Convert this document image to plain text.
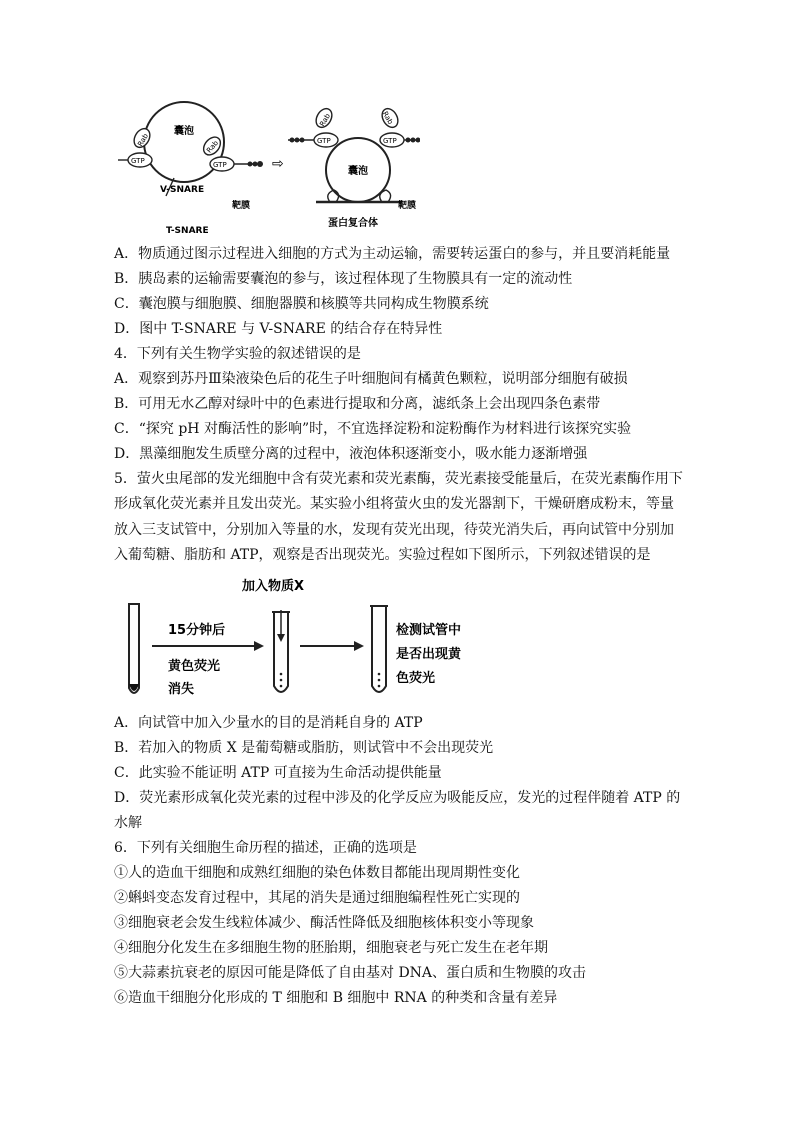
囊泡
Rab
GTP
Rab
GTP
V-SNARE
靶膜
T-SNARE
⇨	囊泡
Rab
GTP
Rab
GTP
靶膜
蛋白复合体
A．物质通过图示过程进入细胞的方式为主动运输，需要转运蛋白的参与，并且要消耗能量
B．胰岛素的运输需要囊泡的参与，该过程体现了生物膜具有一定的流动性
C．囊泡膜与细胞膜、细胞器膜和核膜等共同构成生物膜系统
D．图中 T-SNARE 与 V-SNARE 的结合存在特异性
4．下列有关生物学实验的叙述错误的是
A．观察到苏丹Ⅲ染液染色后的花生子叶细胞间有橘黄色颗粒，说明部分细胞有破损
B．可用无水乙醇对绿叶中的色素进行提取和分离，滤纸条上会出现四条色素带
C．“探究 pH 对酶活性的影响”时，不宜选择淀粉和淀粉酶作为材料进行该探究实验
D．黑藻细胞发生质壁分离的过程中，液泡体积逐渐变小，吸水能力逐渐增强
5．萤火虫尾部的发光细胞中含有荧光素和荧光素酶，荧光素接受能量后，在荧光素酶作用下
形成氧化荧光素并且发出荧光。某实验小组将萤火虫的发光器割下，干燥研磨成粉末，等量
放入三支试管中，分别加入等量的水，发现有荧光出现，待荧光消失后，再向试管中分别加
入葡萄糖、脂肪和 ATP，观察是否出现荧光。实验过程如下图所示，下列叙述错误的是
15分钟后
黄色荧光
消失
加入物质X
检测试管中
是否出现黄
色荧光
A．向试管中加入少量水的目的是消耗自身的 ATP
B．若加入的物质 X 是葡萄糖或脂肪，则试管中不会出现荧光
C．此实验不能证明 ATP 可直接为生命活动提供能量
D．荧光素形成氧化荧光素的过程中涉及的化学反应为吸能反应，发光的过程伴随着 ATP 的
水解
6．下列有关细胞生命历程的描述，正确的选项是
①人的造血干细胞和成熟红细胞的染色体数目都能出现周期性变化
②蝌蚪变态发育过程中，其尾的消失是通过细胞编程性死亡实现的
③细胞衰老会发生线粒体减少、酶活性降低及细胞核体积变小等现象
④细胞分化发生在多细胞生物的胚胎期，细胞衰老与死亡发生在老年期
⑤大蒜素抗衰老的原因可能是降低了自由基对 DNA、蛋白质和生物膜的攻击
⑥造血干细胞分化形成的 T 细胞和 B 细胞中 RNA 的种类和含量有差异
